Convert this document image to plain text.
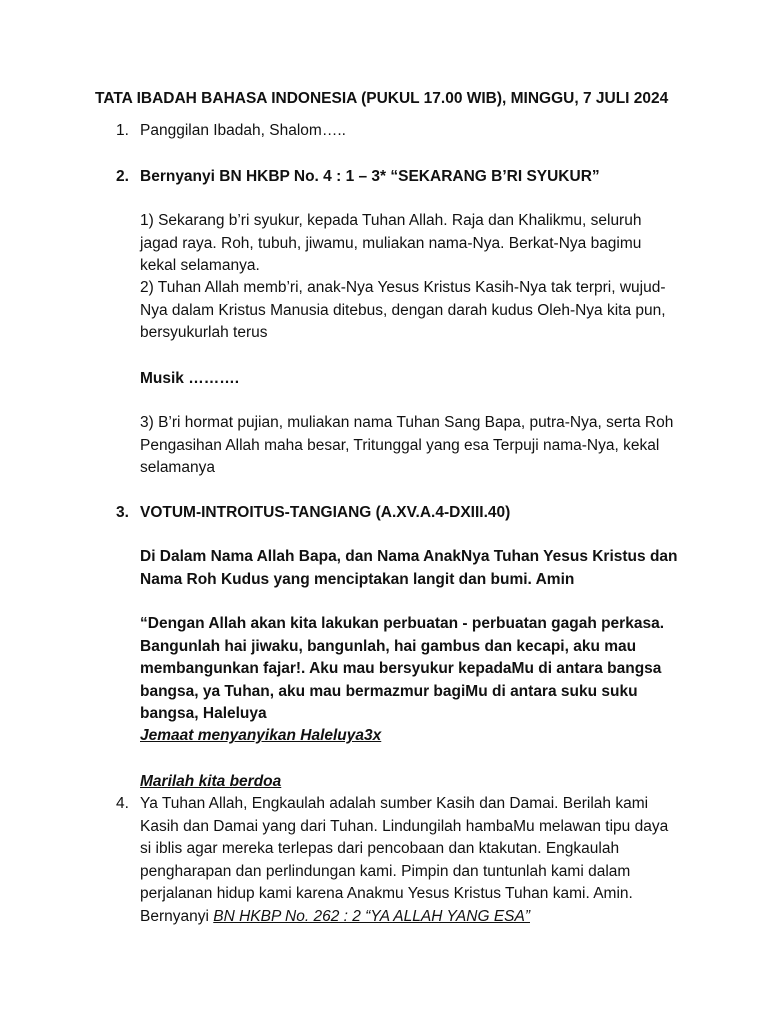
TATA IBADAH BAHASA INDONESIA (PUKUL 17.00 WIB), MINGGU, 7 JULI 2024
1. Panggilan Ibadah, Shalom…..
2. Bernyanyi BN HKBP No. 4 : 1 – 3* “SEKARANG B’RI SYUKUR”
1) Sekarang b’ri syukur, kepada Tuhan Allah. Raja dan Khalikmu, seluruh jagad raya. Roh, tubuh, jiwamu, muliakan nama-Nya. Berkat-Nya bagimu kekal selamanya.
2) Tuhan Allah memb’ri, anak-Nya Yesus Kristus Kasih-Nya tak terpri, wujud-Nya dalam Kristus Manusia ditebus, dengan darah kudus Oleh-Nya kita pun, bersyukurlah terus
Musik ……….
3) B’ri hormat pujian, muliakan nama Tuhan Sang Bapa, putra-Nya, serta Roh Pengasihan Allah maha besar, Tritunggal yang esa Terpuji nama-Nya, kekal selamanya
3. VOTUM-INTROITUS-TANGIANG (A.XV.A.4-DXIII.40)
Di Dalam Nama Allah Bapa, dan Nama AnakNya Tuhan Yesus Kristus dan Nama Roh Kudus yang menciptakan langit dan bumi. Amin
“Dengan Allah akan kita lakukan perbuatan - perbuatan gagah perkasa. Bangunlah hai jiwaku, bangunlah, hai gambus dan kecapi, aku mau membangunkan fajar!. Aku mau bersyukur kepadaMu di antara bangsa bangsa, ya Tuhan, aku mau bermazmur bagiMu di antara suku suku bangsa, Haleluya
Jemaat menyanyikan Haleluya3x
Marilah kita berdoa
4. Ya Tuhan Allah, Engkaulah adalah sumber Kasih dan Damai. Berilah kami Kasih dan Damai yang dari Tuhan. Lindungilah hambaMu melawan tipu daya si iblis agar mereka terlepas dari pencobaan dan ktakutan. Engkaulah pengharapan dan perlindungan kami. Pimpin dan tuntunlah kami dalam perjalanan hidup kami karena Anakmu Yesus Kristus Tuhan kami. Amin.    Bernyanyi BN HKBP No. 262 : 2 “YA ALLAH YANG ESA”
